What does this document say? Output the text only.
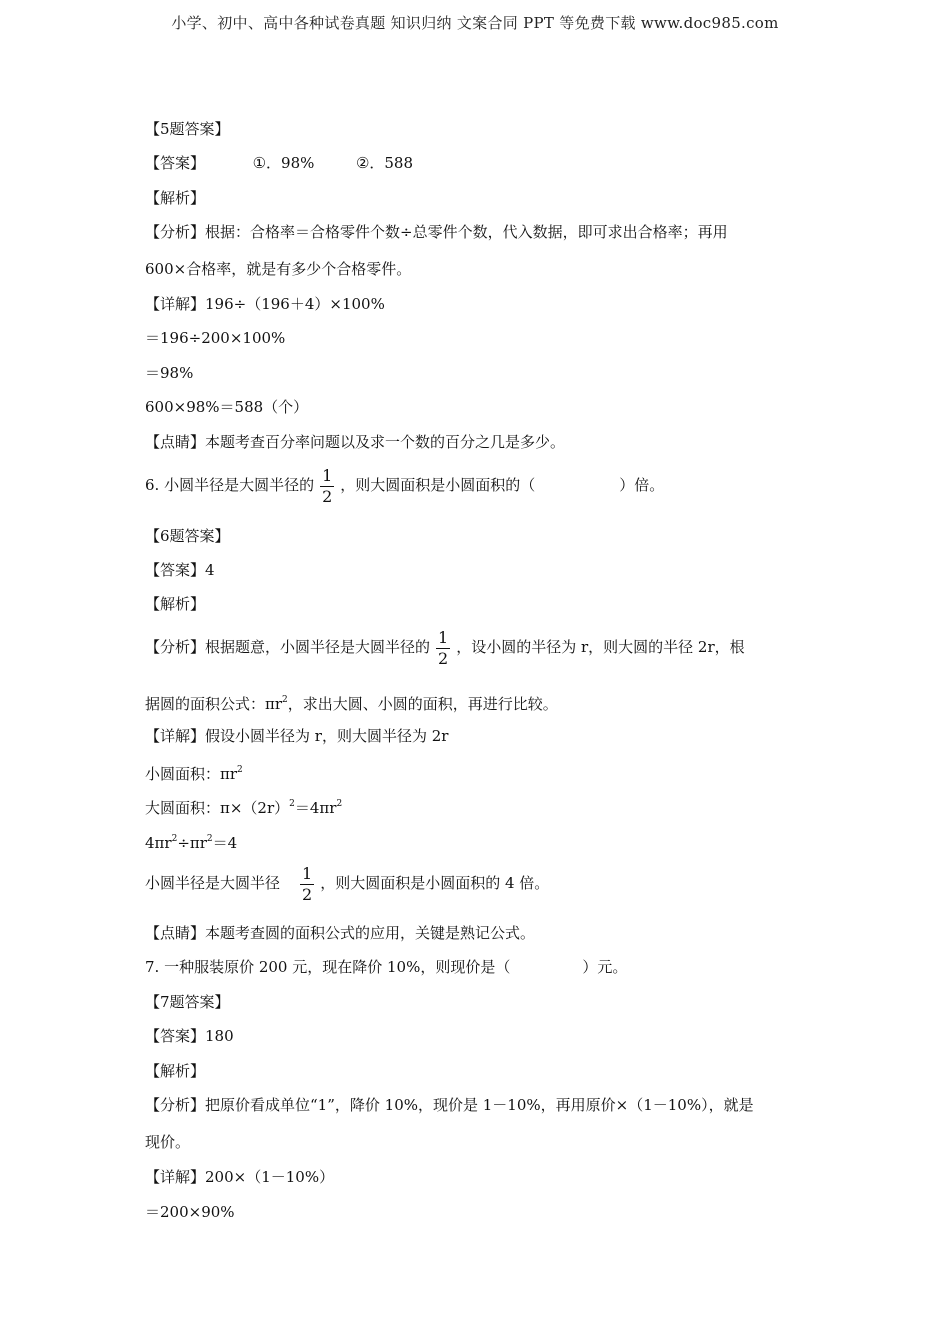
小学、初中、高中各种试卷真题 知识归纳 文案合同 PPT 等免费下载 www.doc985.com
【5题答案】
【答案】	①．98%	②．588
【解析】
【分析】根据：合格率＝合格零件个数÷总零件个数，代入数据，即可求出合格率；再用
600×合格率，就是有多少个合格零件。
【详解】196÷（196＋4）×100%
＝196÷200×100%
＝98%
600×98%＝588（个）
【点睛】本题考查百分率问题以及求一个数的百分之几是多少。
6. 小圆半径是大圆半径的 $\frac{1}{2}$ ，则大圆面积是小圆面积的（	）倍。
【6题答案】
【答案】4
【解析】
【分析】根据题意，小圆半径是大圆半径的 $\frac{1}{2}$ ，设小圆的半径为 r，则大圆的半径 2r，根
据圆的面积公式：$\pi r^2$，求出大圆、小圆的面积，再进行比较。
【详解】假设小圆半径为 r，则大圆半径为 2r
小圆面积：$\pi r^2$
大圆面积：$\pi\times(2r)^2=4\pi r^2$
$4\pi r^2\div\pi r^2=4$
小圆半径是大圆半径 $\frac{1}{2}$ ，则大圆面积是小圆面积的 4 倍。
【点睛】本题考查圆的面积公式的应用，关键是熟记公式。
7. 一种服装原价 200 元，现在降价 10%，则现价是（	）元。
【7题答案】
【答案】180
【解析】
【分析】把原价看成单位“1”，降价 10%，现价是 1－10%，再用原价×（1－10%），就是
现价。
【详解】200×（1－10%）
＝200×90%
